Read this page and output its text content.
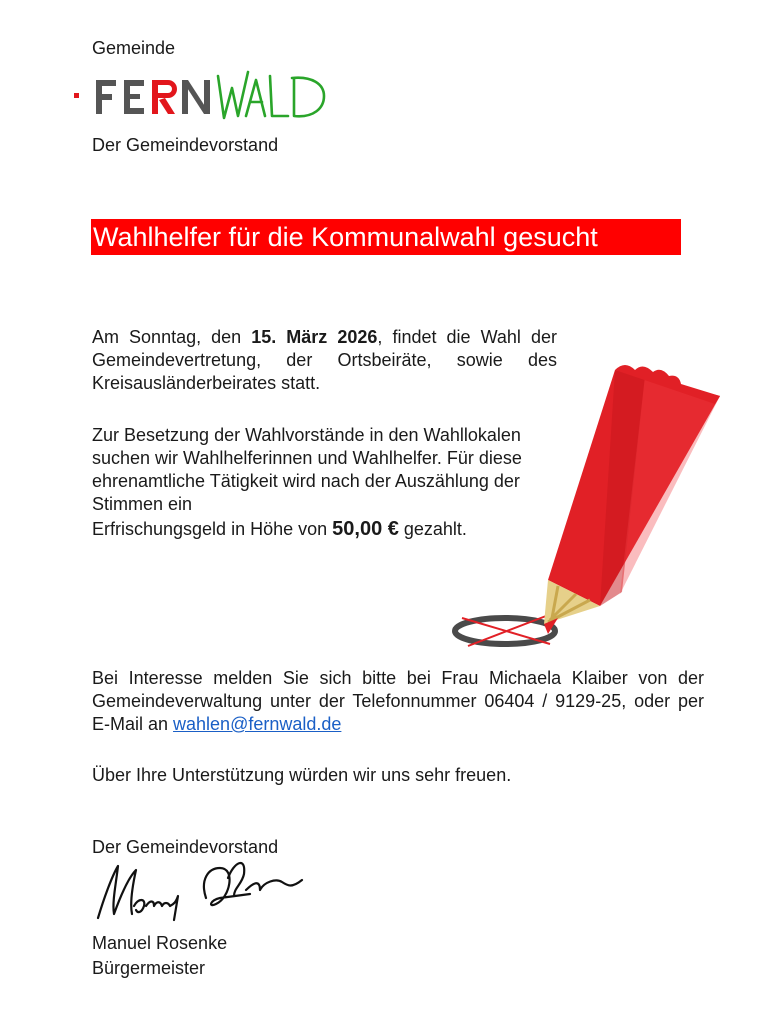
Gemeinde
Der Gemeindevorstand
Wahlhelfer für die Kommunalwahl gesucht

Am Sonntag, den 15. März 2026, findet die Wahl der Gemeindevertretung, der Ortsbeiräte, sowie des Kreisausländerbeirates statt.

Zur Besetzung der Wahlvorstände in den Wahllokalen suchen wir Wahlhelferinnen und Wahlhelfer. Für diese ehrenamtliche Tätigkeit wird nach der Auszählung der Stimmen ein
Erfrischungsgeld in Höhe von 50,00 € gezahlt.

Bei Interesse melden Sie sich bitte bei Frau Michaela Klaiber von der Gemeindeverwaltung unter der Telefonnummer 06404 / 9129-25, oder per E-Mail an wahlen@fernwald.de

Über Ihre Unterstützung würden wir uns sehr freuen.

Der Gemeindevorstand
Manuel Rosenke
Bürgermeister
